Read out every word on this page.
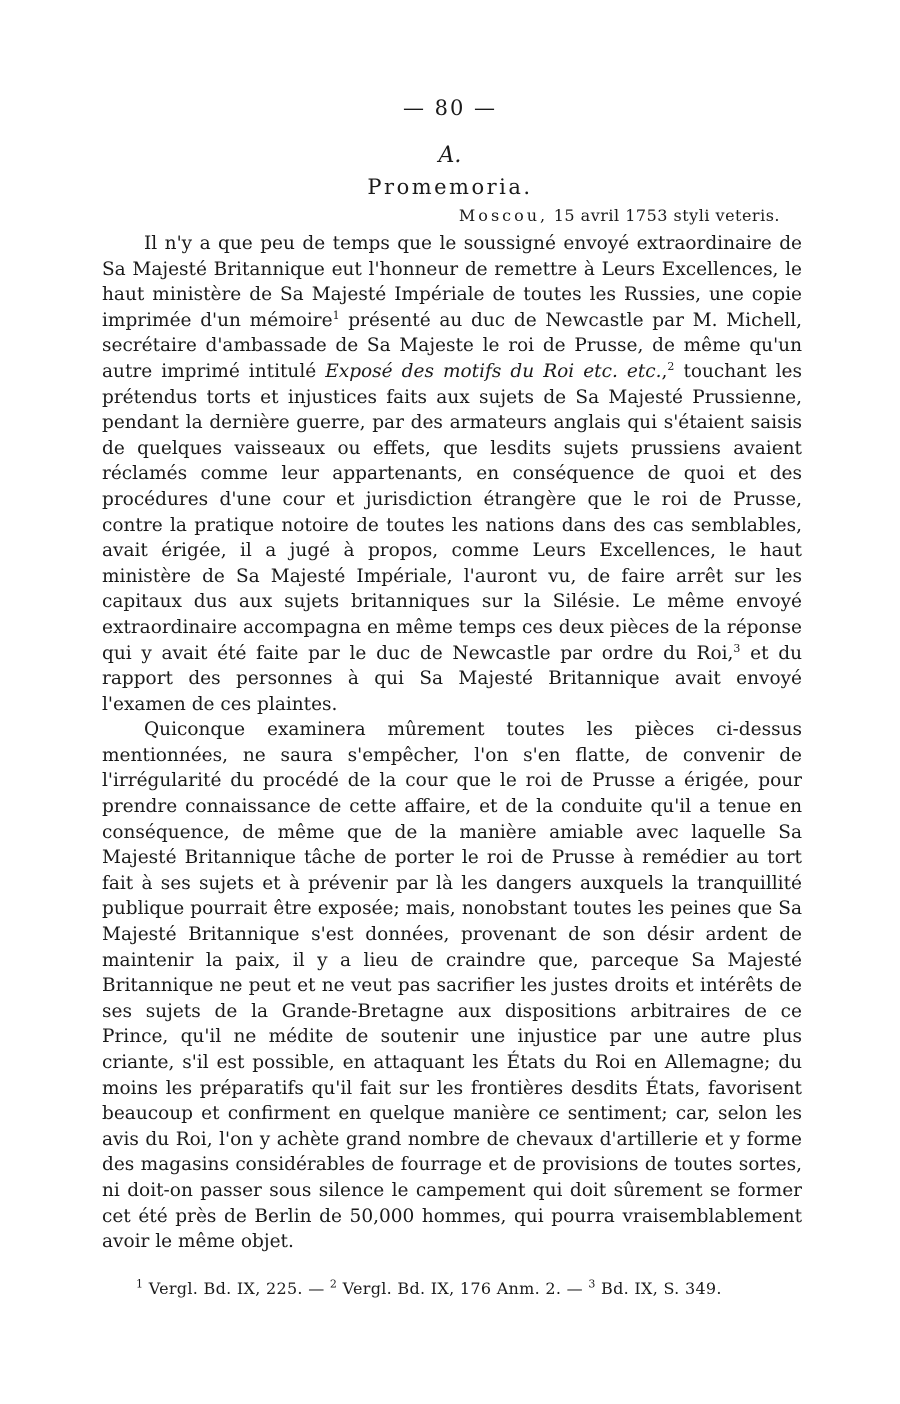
— 80 —
A.
Promemoria.
Moscou, 15 avril 1753 styli veteris.

Il n'y a que peu de temps que le soussigné envoyé extraordinaire de Sa Majesté Britannique eut l'honneur de remettre à Leurs Excellences, le haut ministère de Sa Majesté Impériale de toutes les Russies, une copie imprimée d'un mémoire$^1$ présenté au duc de Newcastle par M. Michell, secrétaire d'ambassade de Sa Majeste le roi de Prusse, de même qu'un autre imprimé intitulé Exposé des motifs du Roi etc. etc.,$^2$ touchant les prétendus torts et injustices faits aux sujets de Sa Majesté Prussienne, pendant la dernière guerre, par des armateurs anglais qui s'étaient saisis de quelques vaisseaux ou effets, que lesdits sujets prussiens avaient réclamés comme leur appartenants, en conséquence de quoi et des procédures d'une cour et jurisdiction étrangère que le roi de Prusse, contre la pratique notoire de toutes les nations dans des cas semblables, avait érigée, il a jugé à propos, comme Leurs Excellences, le haut ministère de Sa Majesté Impériale, l'auront vu, de faire arrêt sur les capitaux dus aux sujets britanniques sur la Silésie. Le même envoyé extraordinaire accompagna en même temps ces deux pièces de la réponse qui y avait été faite par le duc de Newcastle par ordre du Roi,$^3$ et du rapport des personnes à qui Sa Majesté Britannique avait envoyé l'examen de ces plaintes.

Quiconque examinera mûrement toutes les pièces ci-dessus mentionnées, ne saura s'empêcher, l'on s'en flatte, de convenir de l'irrégularité du procédé de la cour que le roi de Prusse a érigée, pour prendre connaissance de cette affaire, et de la conduite qu'il a tenue en conséquence, de même que de la manière amiable avec laquelle Sa Majesté Britannique tâche de porter le roi de Prusse à remédier au tort fait à ses sujets et à prévenir par là les dangers auxquels la tranquillité publique pourrait être exposée; mais, nonobstant toutes les peines que Sa Majesté Britannique s'est données, provenant de son désir ardent de maintenir la paix, il y a lieu de craindre que, parceque Sa Majesté Britannique ne peut et ne veut pas sacrifier les justes droits et intérêts de ses sujets de la Grande-Bretagne aux dispositions arbitraires de ce Prince, qu'il ne médite de soutenir une injustice par une autre plus criante, s'il est possible, en attaquant les États du Roi en Allemagne; du moins les préparatifs qu'il fait sur les frontières desdits États, favorisent beaucoup et confirment en quelque manière ce sentiment; car, selon les avis du Roi, l'on y achète grand nombre de chevaux d'artillerie et y forme des magasins considérables de fourrage et de provisions de toutes sortes, ni doit-on passer sous silence le campement qui doit sûrement se former cet été près de Berlin de 50,000 hommes, qui pourra vraisemblablement avoir le même objet.

$^1$ Vergl. Bd. IX, 225. — $^2$ Vergl. Bd. IX, 176 Anm. 2. — $^3$ Bd. IX, S. 349.
